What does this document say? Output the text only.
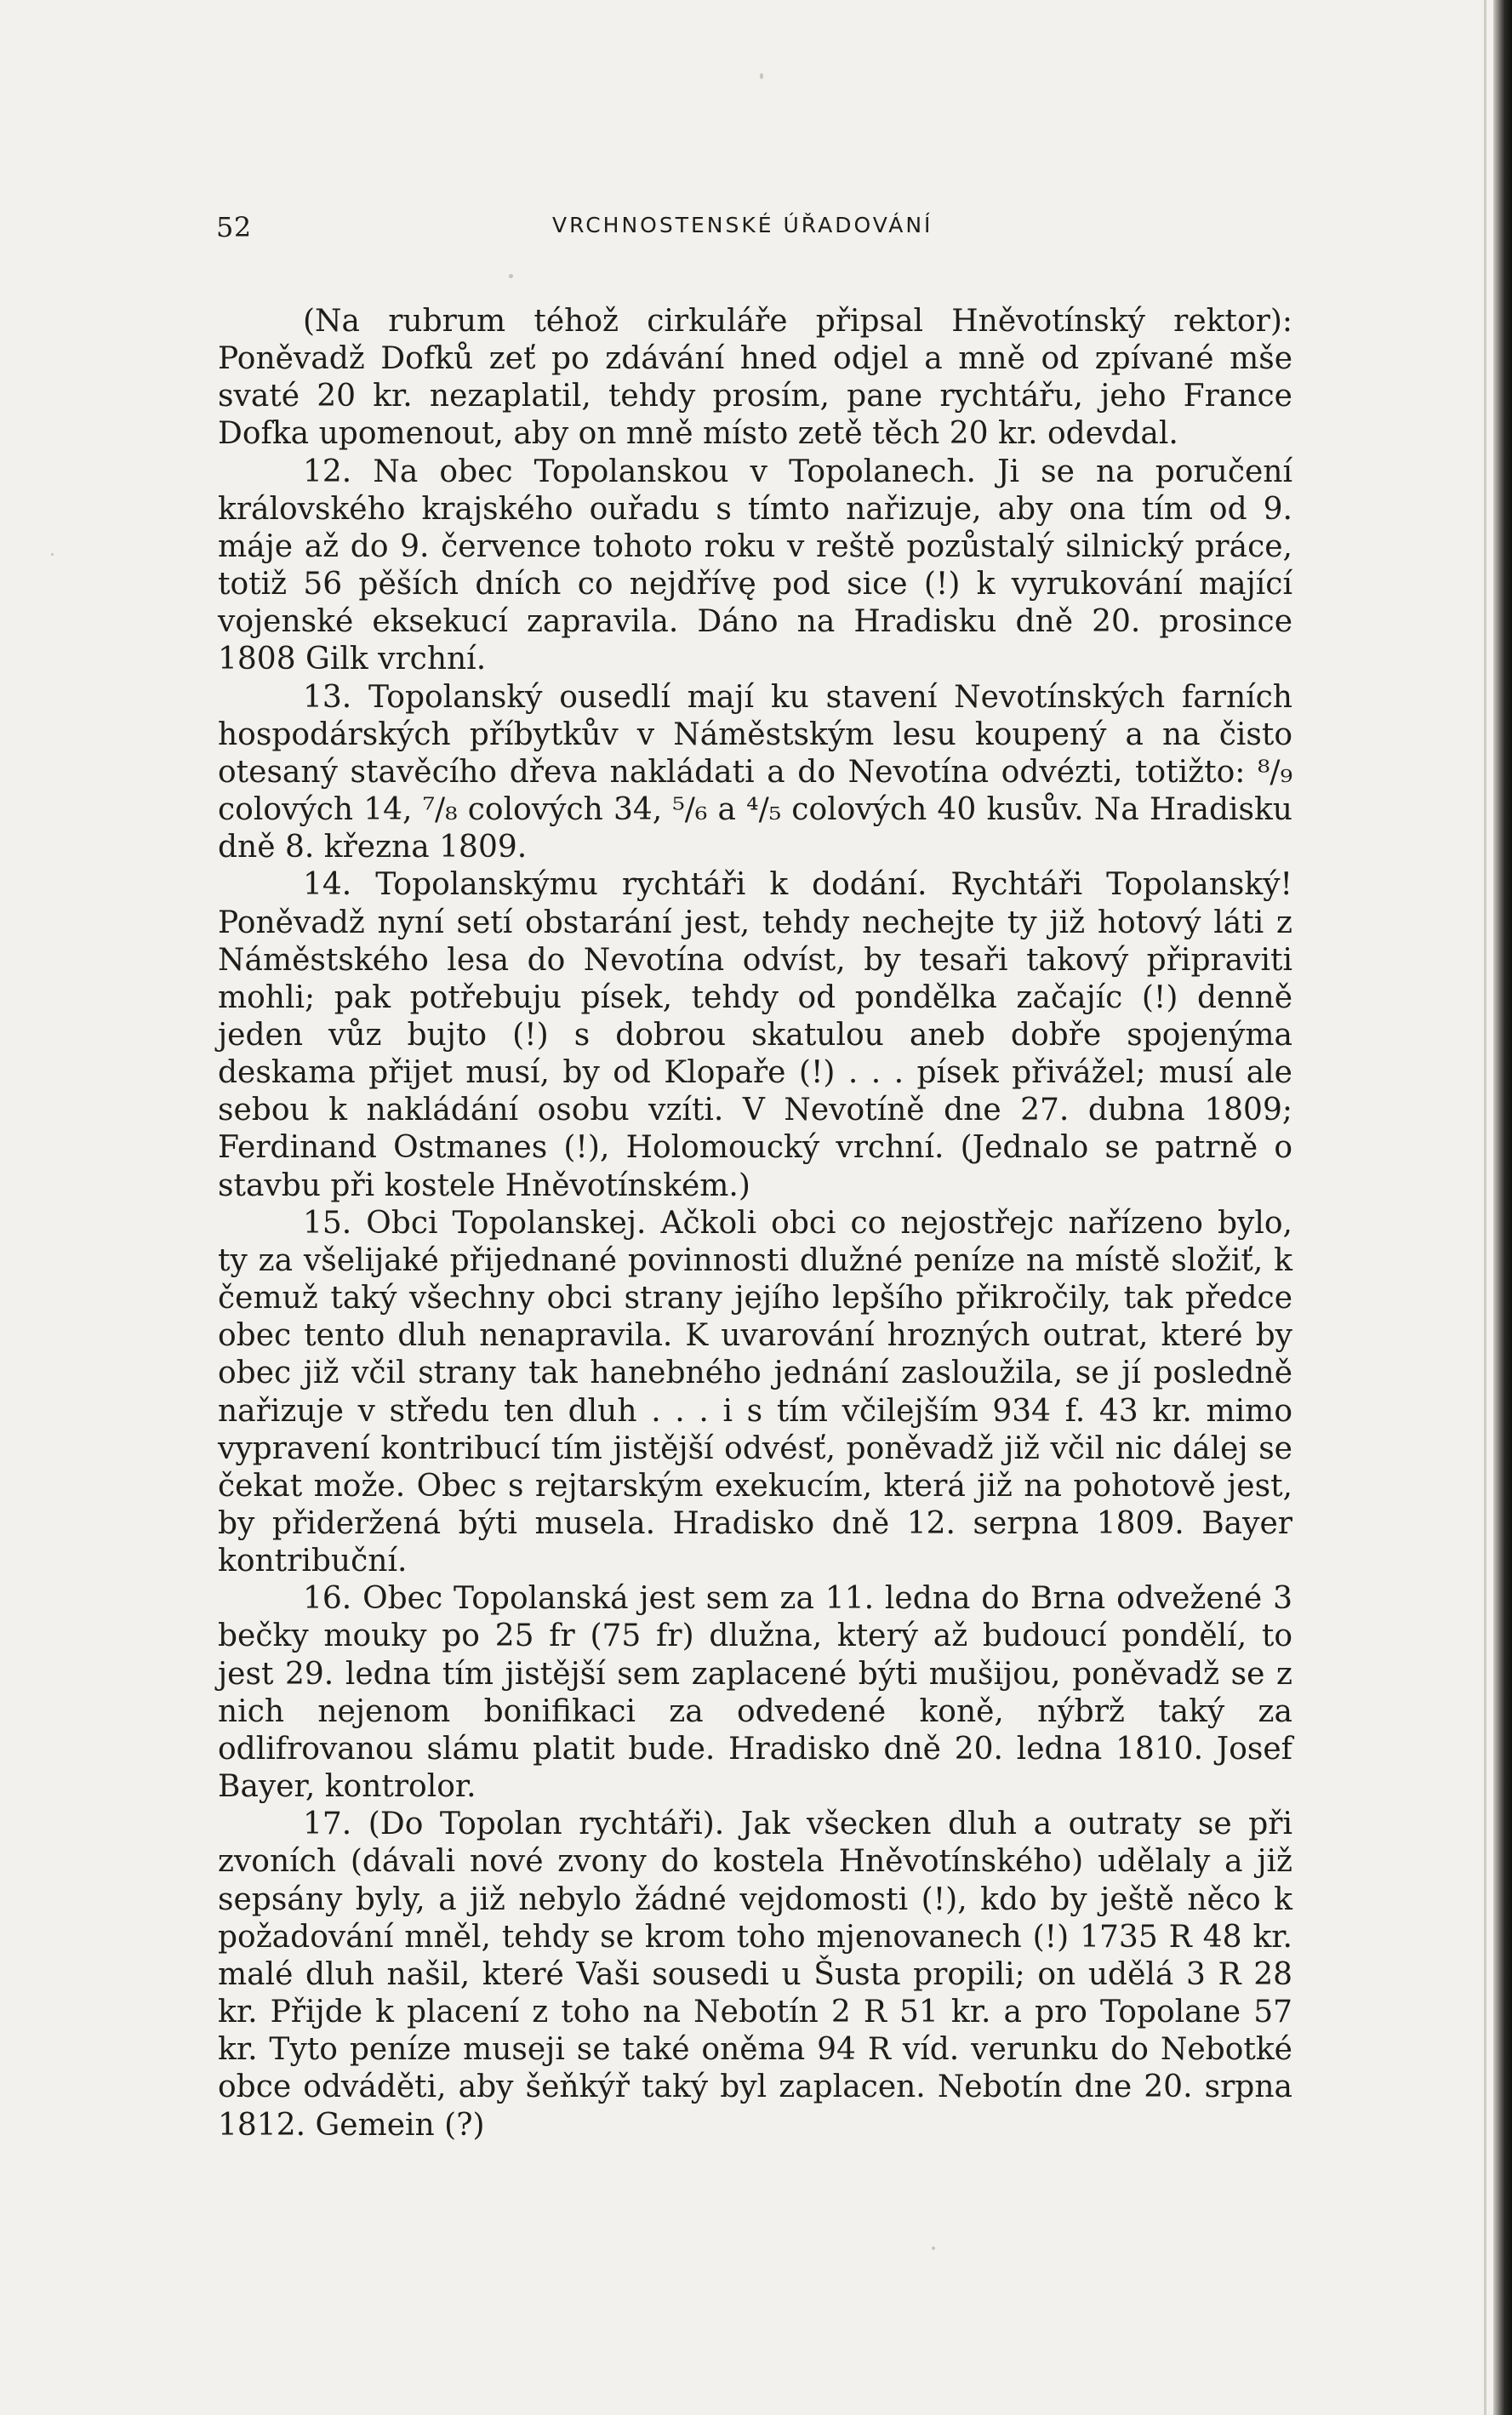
52	VRCHNOSTENSKÉ ÚŘADOVÁNÍ

(Na rubrum téhož cirkuláře připsal Hněvotínský rektor): Poněvadž Dofků zeť po zdávání hned odjel a mně od zpívané mše svaté 20 kr. nezaplatil, tehdy prosím, pane rychtářu, jeho France Dofka upomenout, aby on mně místo zetě těch 20 kr. odevdal.

12. Na obec Topolanskou v Topolanech. Ji se na poručení královského krajského ouřadu s tímto nařizuje, aby ona tím od 9. máje až do 9. července tohoto roku v reště pozůstalý silnický práce, totiž 56 pěších dních co nejdřívę pod sice (!) k vyrukování mající vojenské eksekucí zapravila. Dáno na Hradisku dně 20. prosince 1808 Gilk vrchní.

13. Topolanský ousedlí mají ku stavení Nevotínských farních hospodárských příbytkův v Náměstským lesu koupený a na čisto otesaný stavěcího dřeva nakládati a do Nevotína odvézti, totižto: ⁸/₉ colových 14, ⁷/₈ colových 34, ⁵/₆ a ⁴/₅ colových 40 kusův. Na Hradisku dně 8. křezna 1809.

14. Topolanskýmu rychtáři k dodání. Rychtáři Topolanský! Poněvadž nyní setí obstarání jest, tehdy nechejte ty již hotový láti z Náměstského lesa do Nevotína odvíst, by tesaři takový připraviti mohli; pak potřebuju písek, tehdy od pondělka začajíc (!) denně jeden vůz bujto (!) s dobrou skatulou aneb dobře spojenýma deskama přijet musí, by od Klopaře (!) . . . písek přivážel; musí ale sebou k nakládání osobu vzíti. V Nevotíně dne 27. dubna 1809; Ferdinand Ostmanes (!), Holomoucký vrchní. (Jednalo se patrně o stavbu při kostele Hněvotínském.)

15. Obci Topolanskej. Ačkoli obci co nejostřejc nařízeno bylo, ty za všelijaké přijednané povinnosti dlužné peníze na místě složiť, k čemuž taký všechny obci strany jejího lepšího přikročily, tak předce obec tento dluh nenapravila. K uvarování hrozných outrat, které by obec již včil strany tak hanebného jednání zasloužila, se jí posledně nařizuje v středu ten dluh . . . i s tím včilejším 934 f. 43 kr. mimo vypravení kontribucí tím jistější odvésť, poněvadž již včil nic dálej se čekat može. Obec s rejtarským exekucím, která již na pohotově jest, by přideržená býti musela. Hradisko dně 12. serpna 1809. Bayer kontribuční.

16. Obec Topolanská jest sem za 11. ledna do Brna odvežené 3 bečky mouky po 25 fr (75 fr) dlužna, který až budoucí pondělí, to jest 29. ledna tím jistější sem zaplacené býti mušijou, poněvadž se z nich nejenom bonifikaci za odvedené koně, nýbrž taký za odlifrovanou slámu platit bude. Hradisko dně 20. ledna 1810. Josef Bayer, kontrolor.

17. (Do Topolan rychtáři). Jak všecken dluh a outraty se při zvoních (dávali nové zvony do kostela Hněvotínského) udělaly a již sepsány byly, a již nebylo žádné vejdomosti (!), kdo by ještě něco k požadování mněl, tehdy se krom toho mjenovanech (!) 1735 R 48 kr. malé dluh našil, které Vaši sousedi u Šusta propili; on udělá 3 R 28 kr. Přijde k placení z toho na Nebotín 2 R 51 kr. a pro Topolane 57 kr. Tyto peníze museji se také oněma 94 R víd. verunku do Nebotké obce odváděti, aby šeňkýř taký byl zaplacen. Nebotín dne 20. srpna 1812. Gemein (?)
